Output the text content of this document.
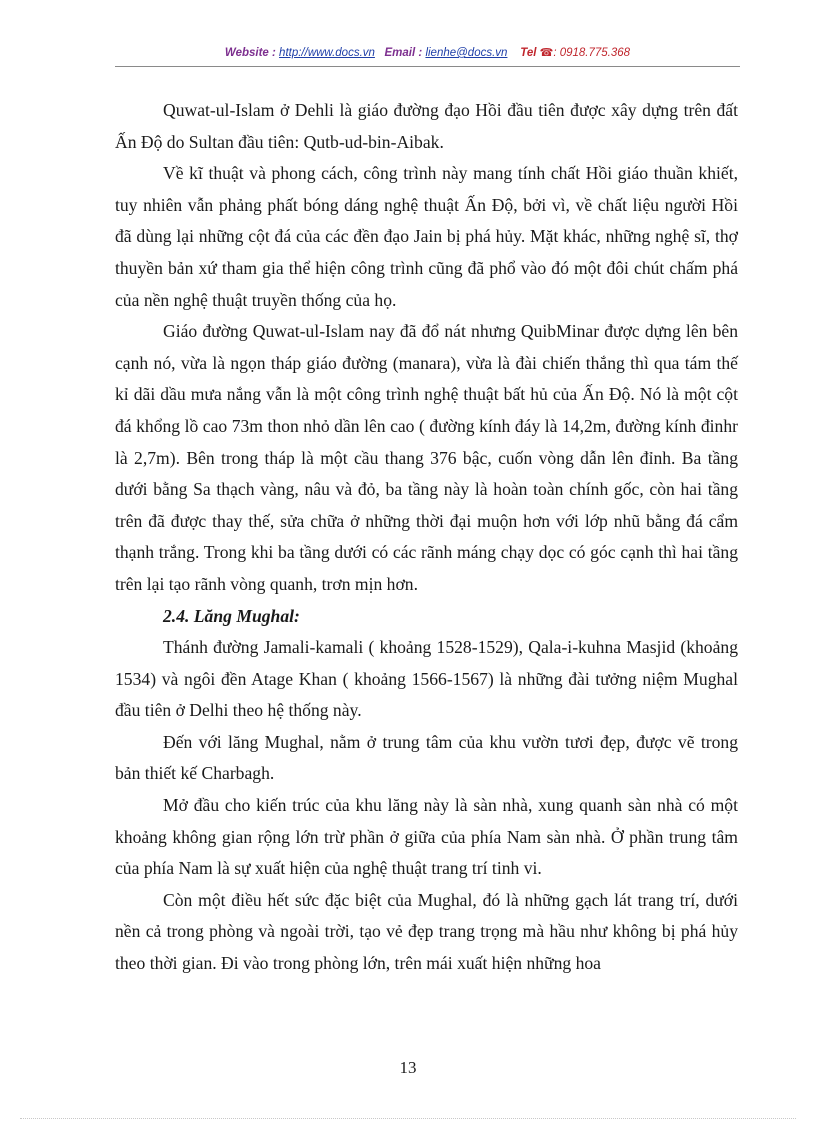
Website : http://www.docs.vn Email : lienhe@docs.vn Tel ☎: 0918.775.368

Quwat-ul-Islam ở Dehli là giáo đường đạo Hồi đầu tiên được xây dựng trên đất Ấn Độ do Sultan đầu tiên: Qutb-ud-bin-Aibak.

Về kĩ thuật và phong cách, công trình này mang tính chất Hồi giáo thuần khiết, tuy nhiên vẫn phảng phất bóng dáng nghệ thuật Ấn Độ, bởi vì, về chất liệu người Hồi đã dùng lại những cột đá của các đền đạo Jain bị phá hủy. Mặt khác, những nghệ sĩ, thợ thuyền bản xứ tham gia thể hiện công trình cũng đã phổ vào đó một đôi chút chấm phá của nền nghệ thuật truyền thống của họ.

Giáo đường Quwat-ul-Islam nay đã đổ nát nhưng QuibMinar được dựng lên bên cạnh nó, vừa là ngọn tháp giáo đường (manara), vừa là đài chiến thắng thì qua tám thế kỉ dãi dầu mưa nắng vẫn là một công trình nghệ thuật bất hủ của Ấn Độ. Nó là một cột đá khổng lồ cao 73m thon nhỏ dần lên cao ( đường kính đáy là 14,2m, đường kính đinhr là 2,7m). Bên trong tháp là một cầu thang 376 bậc, cuốn vòng dẫn lên đỉnh. Ba tầng dưới bằng Sa thạch vàng, nâu và đỏ, ba tầng này là hoàn toàn chính gốc, còn hai tầng trên đã được thay thế, sửa chữa ở những thời đại muộn hơn với lớp nhũ bằng đá cẩm thạnh trắng. Trong khi ba tầng dưới có các rãnh máng chạy dọc có góc cạnh thì hai tầng trên lại tạo rãnh vòng quanh, trơn mịn hơn.

2.4. Lăng Mughal:

Thánh đường Jamali-kamali ( khoảng 1528-1529), Qala-i-kuhna Masjid (khoảng 1534) và ngôi đền Atage Khan ( khoảng 1566-1567) là những đài tưởng niệm Mughal đầu tiên ở Delhi theo hệ thống này.

Đến với lăng Mughal, nằm ở trung tâm của khu vườn tươi đẹp, được vẽ trong bản thiết kế Charbagh.

Mở đầu cho kiến trúc của khu lăng này là sàn nhà, xung quanh sàn nhà có một khoảng không gian rộng lớn trừ phần ở giữa của phía Nam sàn nhà. Ở phần trung tâm của phía Nam là sự xuất hiện của nghệ thuật trang trí tinh vi.

Còn một điều hết sức đặc biệt của Mughal, đó là những gạch lát trang trí, dưới nền cả trong phòng và ngoài trời, tạo vẻ đẹp trang trọng mà hầu như không bị phá hủy theo thời gian. Đi vào trong phòng lớn, trên mái xuất hiện những hoa

13
